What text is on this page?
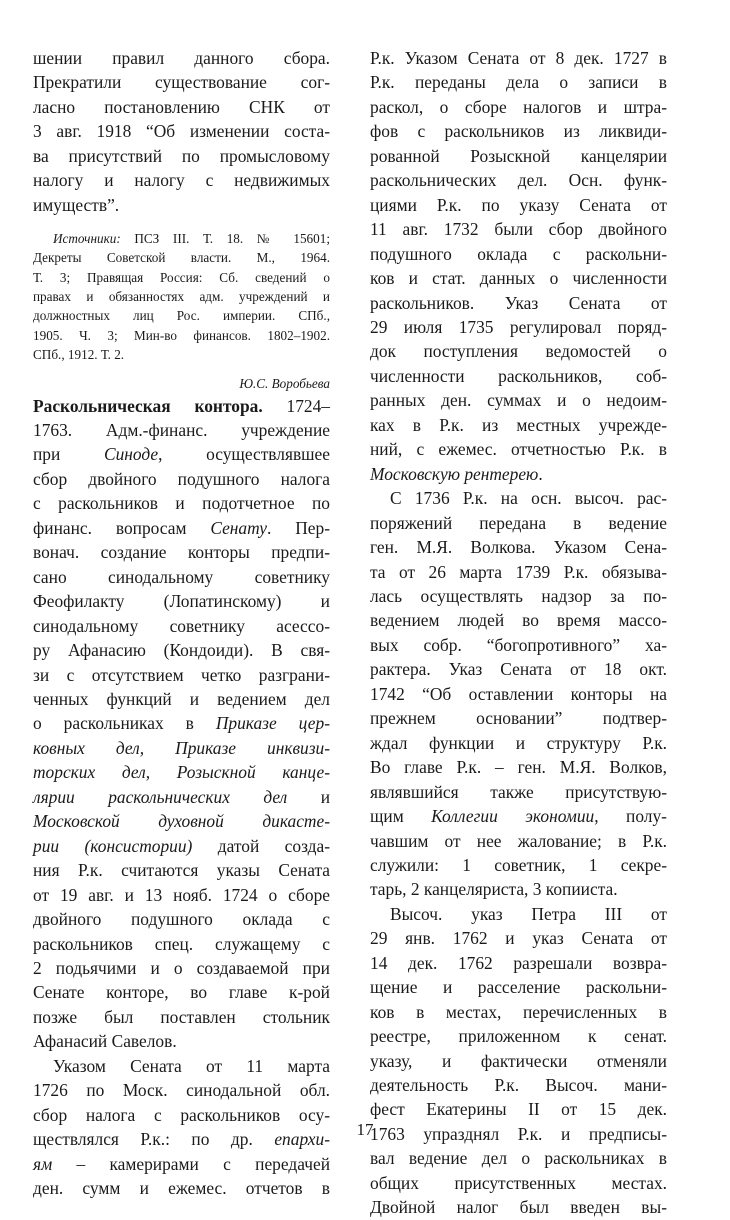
шении правил данного сбора.
Прекратили существование сог-
ласно постановлению СНК от
3 авг. 1918 “Об изменении соста-
ва присутствий по промысловому
налогу и налогу с недвижимых
имуществ”.

Источники: ПСЗ III. Т. 18. № 15601;
Декреты Советской власти. М., 1964.
Т. 3; Правящая Россия: Сб. сведений о
правах и обязанностях адм. учреждений и
должностных лиц Рос. империи. СПб.,
1905. Ч. 3; Мин-во финансов. 1802–1902.
СПб., 1912. Т. 2.
Ю.С. Воробьева

Раскольническая контора. 1724–
1763. Адм.-финанс. учреждение
при Синоде, осуществлявшее
сбор двойного подушного налога
с раскольников и подотчетное по
финанс. вопросам Сенату. Пер-
вонач. создание конторы предпи-
сано синодальному советнику
Феофилакту (Лопатинскому) и
синодальному советнику асессо-
ру Афанасию (Кондоиди). В свя-
зи с отсутствием четко разграни-
ченных функций и ведением дел
о раскольниках в Приказе цер-
ковных дел, Приказе инквизи-
торских дел, Розыскной канце-
лярии раскольнических дел и
Московской духовной дикасте-
рии (консистории) датой созда-
ния Р.к. считаются указы Сената
от 19 авг. и 13 нояб. 1724 о сборе
двойного подушного оклада с
раскольников спец. служащему с
2 подьячими и о создаваемой при
Сенате конторе, во главе к-рой
позже был поставлен стольник
Афанасий Савелов.

Указом Сената от 11 марта
1726 по Моск. синодальной обл.
сбор налога с раскольников осу-
ществлялся Р.к.: по др. епархи-
ям – камерирами с передачей
ден. сумм и ежемес. отчетов в

Р.к. Указом Сената от 8 дек. 1727 в
Р.к. переданы дела о записи в
раскол, о сборе налогов и штра-
фов с раскольников из ликвиди-
рованной Розыскной канцелярии
раскольнических дел. Осн. функ-
циями Р.к. по указу Сената от
11 авг. 1732 были сбор двойного
подушного оклада с раскольни-
ков и стат. данных о численности
раскольников. Указ Сената от
29 июля 1735 регулировал поряд-
док поступления ведомостей о
численности раскольников, соб-
ранных ден. суммах и о недоим-
ках в Р.к. из местных учрежде-
ний, с ежемес. отчетностью Р.к. в
Московскую рентерею.

С 1736 Р.к. на осн. высоч. рас-
поряжений передана в ведение
ген. М.Я. Волкова. Указом Сена-
та от 26 марта 1739 Р.к. обязыва-
лась осуществлять надзор за по-
ведением людей во время массо-
вых собр. “богопротивного” ха-
рактера. Указ Сената от 18 окт.
1742 “Об оставлении конторы на
прежнем основании” подтвер-
ждал функции и структуру Р.к.
Во главе Р.к. – ген. М.Я. Волков,
являвшийся также присутствую-
щим Коллегии экономии, полу-
чавшим от нее жалование; в Р.к.
служили: 1 советник, 1 секре-
тарь, 2 канцеляриста, 3 копииста.

Высоч. указ Петра III от
29 янв. 1762 и указ Сената от
14 дек. 1762 разрешали возвра-
щение и расселение раскольни-
ков в местах, перечисленных в
реестре, приложенном к сенат.
указу, и фактически отменяли
деятельность Р.к. Высоч. мани-
фест Екатерины II от 15 дек.
1763 упразднял Р.к. и предписы-
вал ведение дел о раскольниках в
общих присутственных местах.
Двойной налог был введен вы-

17
